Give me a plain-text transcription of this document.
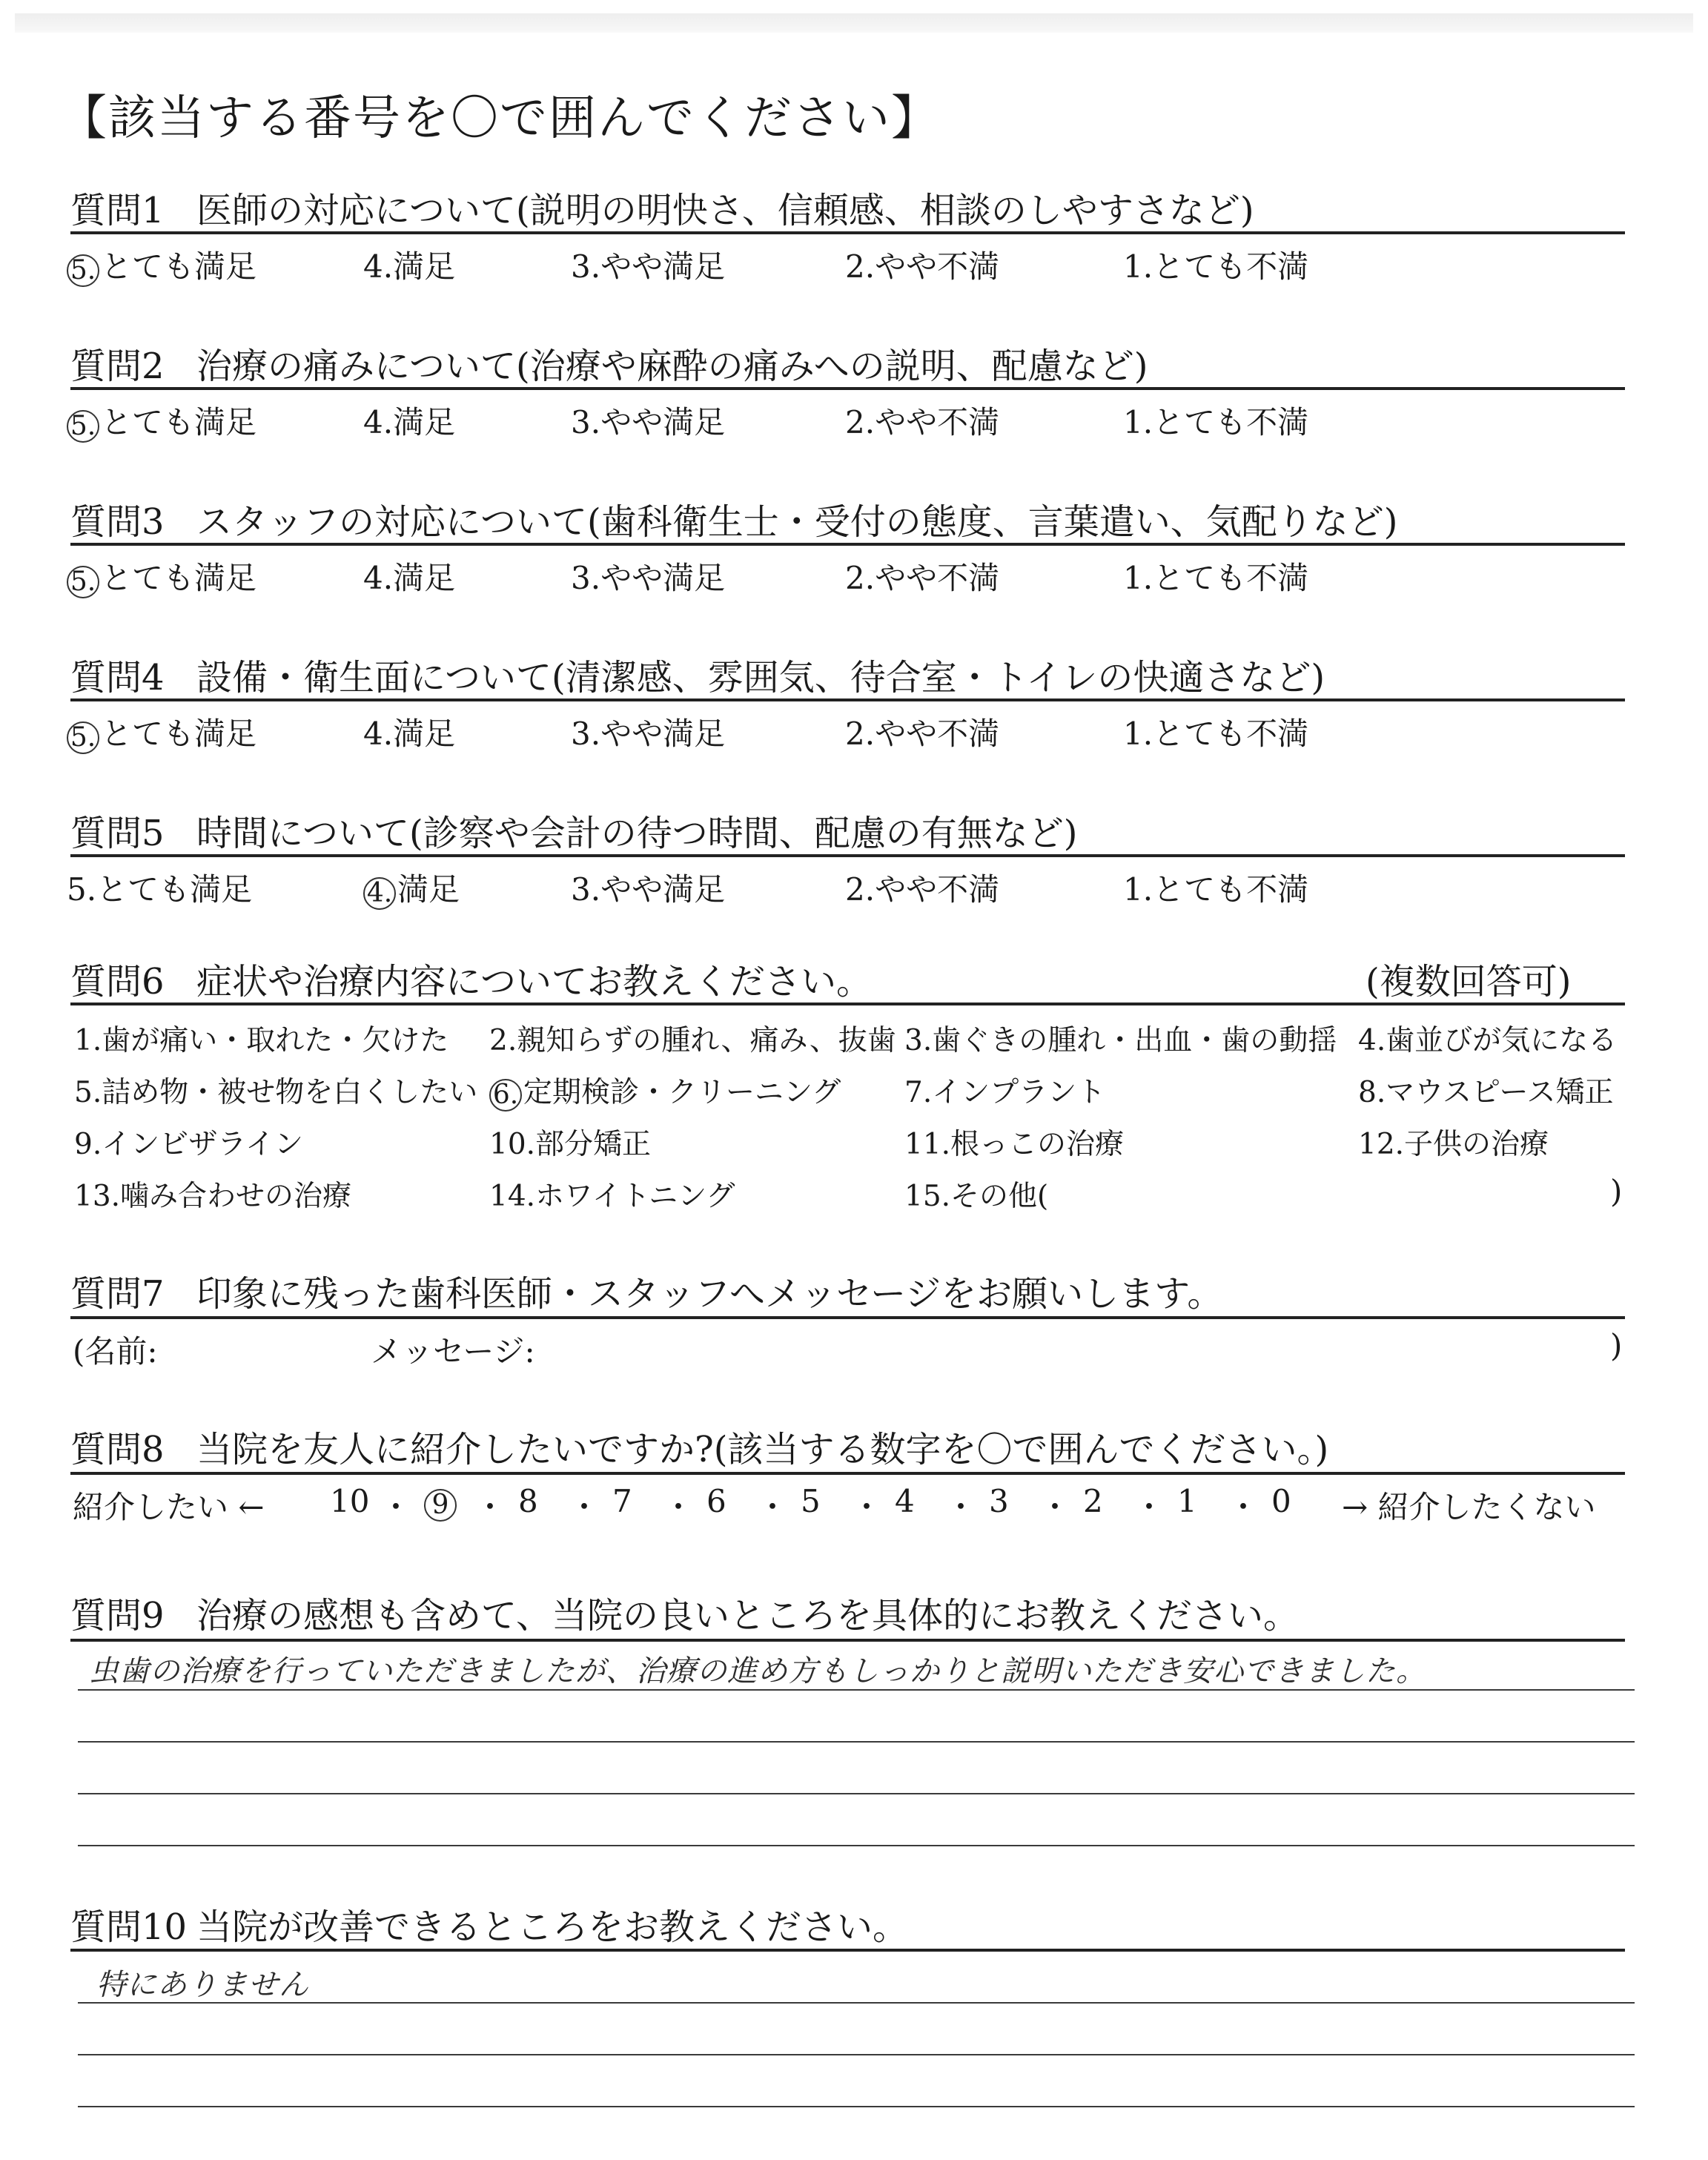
【該当する番号を〇で囲んでください】
質問1 医師の対応について(説明の明快さ、信頼感、相談のしやすさなど)
5. とても満足	4.満足	3.やや満足	2.やや不満	1.とても不満
質問2 治療の痛みについて(治療や麻酔の痛みへの説明、配慮など)
5. とても満足	4.満足	3.やや満足	2.やや不満	1.とても不満
質問3 スタッフの対応について(歯科衛生士・受付の態度、言葉遣い、気配りなど)
5. とても満足	4.満足	3.やや満足	2.やや不満	1.とても不満
質問4 設備・衛生面について(清潔感、雰囲気、待合室・トイレの快適さなど)
5. とても満足	4.満足	3.やや満足	2.やや不満	1.とても不満
質問5 時間について(診察や会計の待つ時間、配慮の有無など)
5.とても満足	4. 満足	3.やや満足	2.やや不満	1.とても不満
質問6 症状や治療内容についてお教えください。	(複数回答可)
1.歯が痛い・取れた・欠けた 2.親知らずの腫れ、痛み、抜歯 3.歯ぐきの腫れ・出血・歯の動揺 4.歯並びが気になる
5.詰め物・被せ物を白くしたい 6. 定期検診・クリーニング 7.インプラント	8.マウスピース矯正
9.インビザライン	10.部分矯正	11.根っこの治療	12.子供の治療
13.噛み合わせの治療	14.ホワイトニング	15.その他(	)
質問7 印象に残った歯科医師・スタッフへメッセージをお願いします。
(名前:	メッセージ:	)
質問8 当院を友人に紹介したいですか?(該当する数字を〇で囲んでください。)
紹介したい ← 10 ・ 9 ・ 8 ・ 7 ・ 6 ・ 5 ・ 4 ・ 3 ・ 2 ・ 1 ・ 0 → 紹介したくない
質問9 治療の感想も含めて、当院の良いところを具体的にお教えください。
虫歯の治療を行っていただきましたが、治療の進め方もしっかりと説明いただき安心できました。
質問10 当院が改善できるところをお教えください。
特にありません
